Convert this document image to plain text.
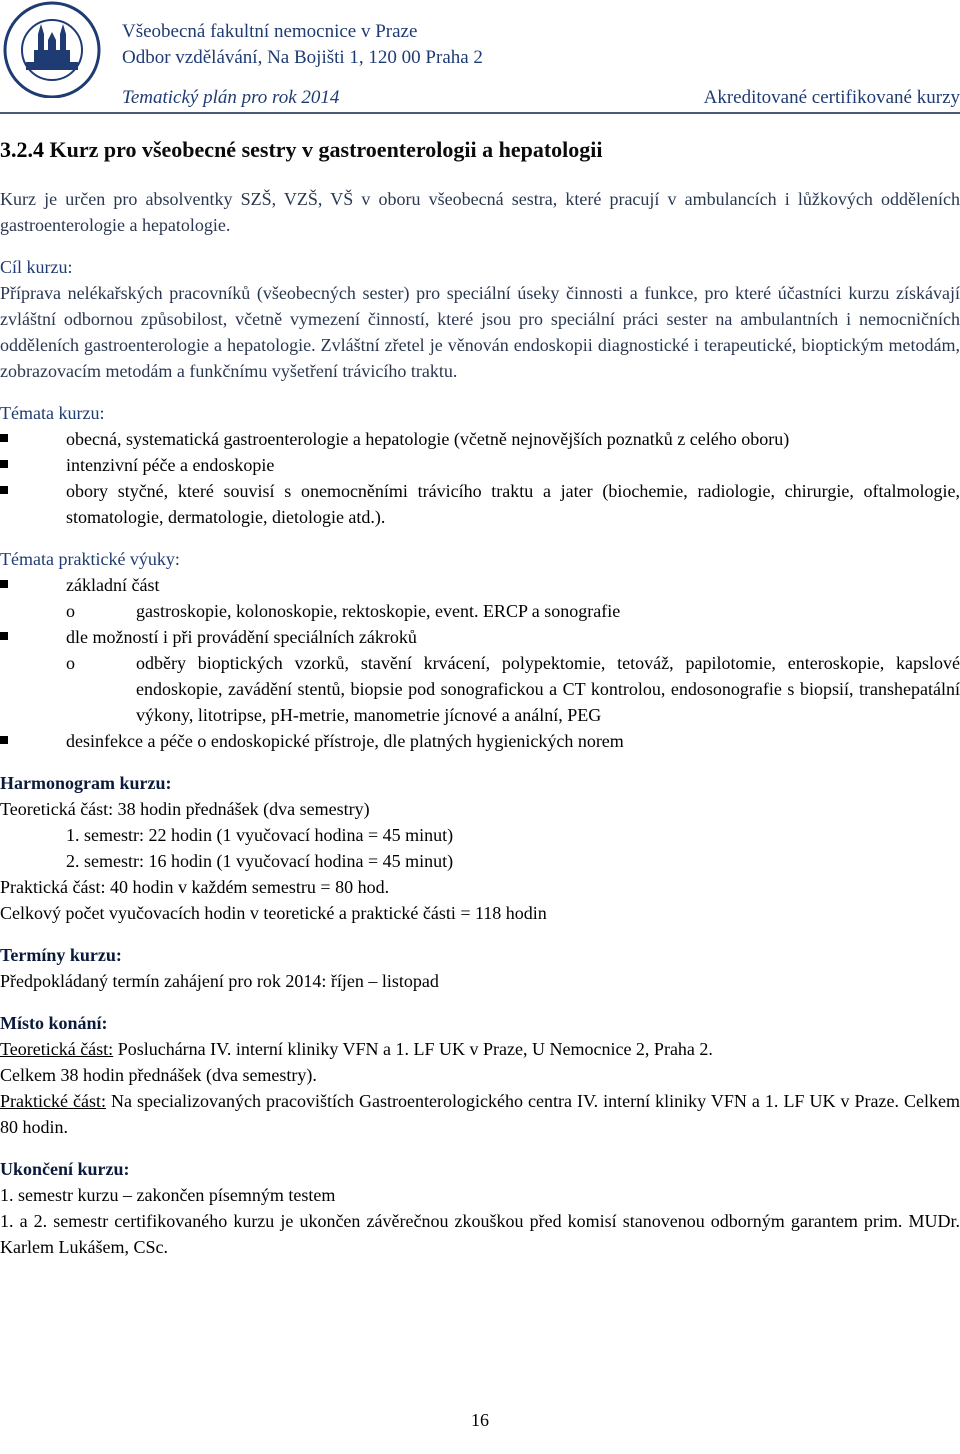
Všeobecná fakultní nemocnice v Praze
Odbor vzdělávání, Na Bojišti 1, 120 00 Praha 2
Tematický plán pro rok 2014	Akreditované certifikované kurzy
3.2.4 Kurz pro všeobecné sestry v gastroenterologii a hepatologii

Kurz je určen pro absolventky SZŠ, VZŠ, VŠ v oboru všeobecná sestra, které pracují v ambulancích i lůžkových odděleních gastroenterologie a hepatologie.

Cíl kurzu:

Příprava nelékařských pracovníků (všeobecných sester) pro speciální úseky činnosti a funkce, pro které účastníci kurzu získávají zvláštní odbornou způsobilost, včetně vymezení činností, které jsou pro speciální práci sester na ambulantních i nemocničních odděleních gastroenterologie a hepatologie. Zvláštní zřetel je věnován endoskopii diagnostické i terapeutické, bioptickým metodám, zobrazovacím metodám a funkčnímu vyšetření trávicího traktu.

Témata kurzu:
obecná, systematická gastroenterologie a hepatologie (včetně nejnovějších poznatků z celého oboru)
intenzivní péče a endoskopie
obory styčné, které souvisí s onemocněními trávicího traktu a jater (biochemie, radiologie, chirurgie, oftalmologie, stomatologie, dermatologie, dietologie atd.).
Témata praktické výuky:
základní část
o gastroskopie, kolonoskopie, rektoskopie, event. ERCP a sonografie
dle možností i při provádění speciálních zákroků
o odběry bioptických vzorků, stavění krvácení, polypektomie, tetováž, papilotomie, enteroskopie, kapslové endoskopie, zavádění stentů, biopsie pod sonografickou a CT kontrolou, endosonografie s biopsií, transhepatální výkony, litotripse, pH-metrie, manometrie jícnové a anální, PEG
desinfekce a péče o endoskopické přístroje, dle platných hygienických norem
Harmonogram kurzu:
Teoretická část: 38 hodin přednášek (dva semestry)
1. semestr: 22 hodin (1 vyučovací hodina = 45 minut)
2. semestr: 16 hodin (1 vyučovací hodina = 45 minut)
Praktická část: 40 hodin v každém semestru = 80 hod.
Celkový počet vyučovacích hodin v teoretické a praktické části = 118 hodin
Termíny kurzu:
Předpokládaný termín zahájení pro rok 2014: říjen – listopad
Místo konání:

Teoretická část: Posluchárna IV. interní kliniky VFN a 1. LF UK v Praze, U Nemocnice 2, Praha 2.

Celkem 38 hodin přednášek (dva semestry).

Praktické část: Na specializovaných pracovištích Gastroenterologického centra IV. interní kliniky VFN a 1. LF UK v Praze. Celkem 80 hodin.

Ukončení kurzu:
1. semestr kurzu – zakončen písemným testem

1. a 2. semestr certifikovaného kurzu je ukončen závěrečnou zkouškou před komisí stanovenou odborným garantem prim. MUDr. Karlem Lukášem, CSc.

16
